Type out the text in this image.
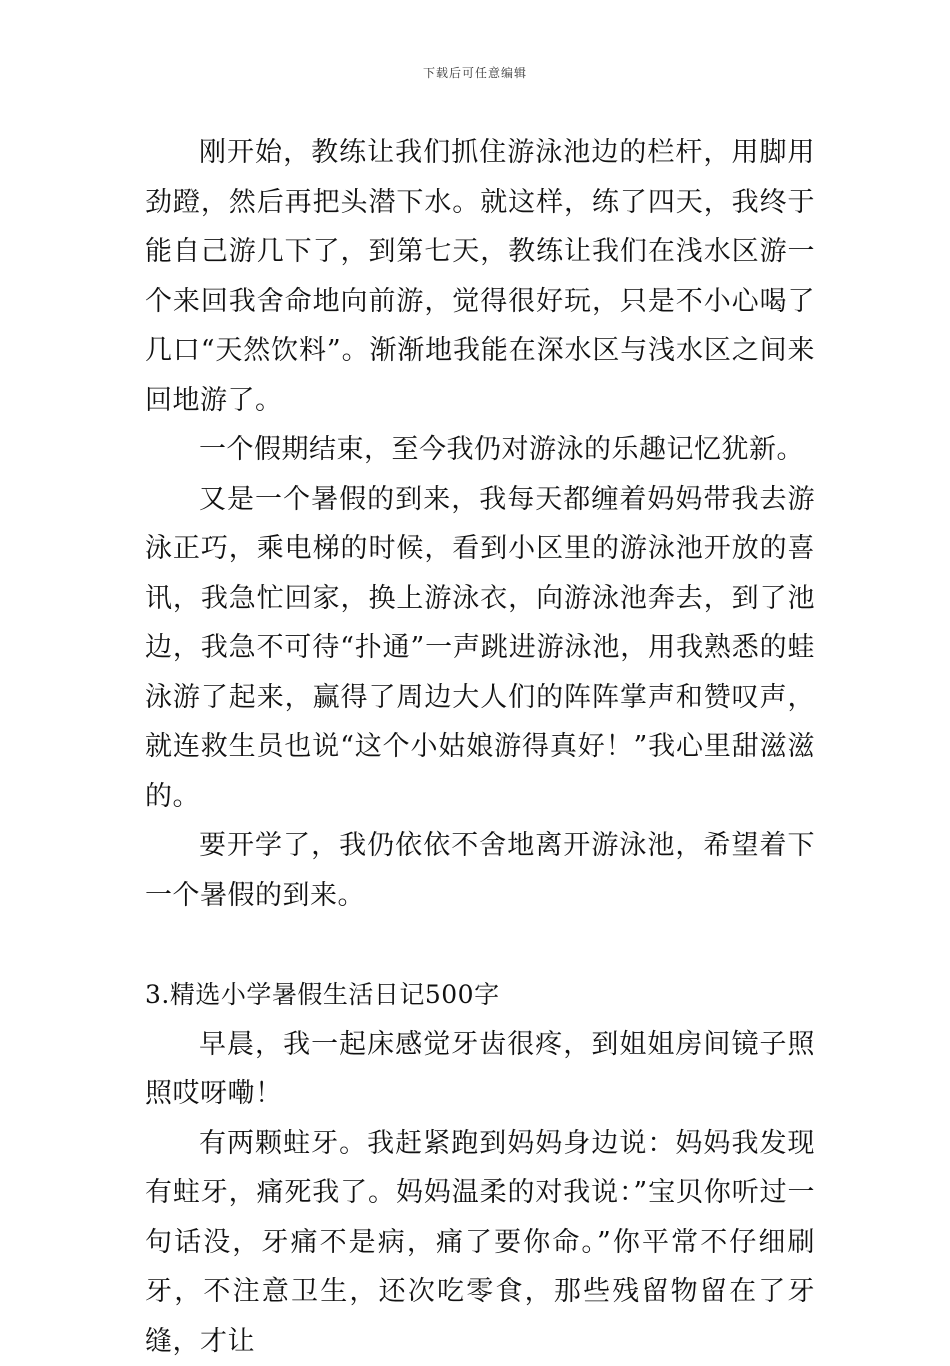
下载后可任意编辑

刚开始，教练让我们抓住游泳池边的栏杆，用脚用劲蹬，然后再把头潜下水。就这样，练了四天，我终于能自己游几下了，到第七天，教练让我们在浅水区游一个来回我舍命地向前游，觉得很好玩，只是不小心喝了几口“天然饮料”。渐渐地我能在深水区与浅水区之间来回地游了。

一个假期结束，至今我仍对游泳的乐趣记忆犹新。

又是一个暑假的到来，我每天都缠着妈妈带我去游泳正巧，乘电梯的时候，看到小区里的游泳池开放的喜讯，我急忙回家，换上游泳衣，向游泳池奔去，到了池边，我急不可待“扑通”一声跳进游泳池，用我熟悉的蛙泳游了起来，赢得了周边大人们的阵阵掌声和赞叹声，就连救生员也说“这个小姑娘游得真好！”我心里甜滋滋的。

要开学了，我仍依依不舍地离开游泳池，希望着下一个暑假的到来。

3.精选小学暑假生活日记500字

早晨，我一起床感觉牙齿很疼，到姐姐房间镜子照照哎呀嘞！

有两颗蛀牙。我赶紧跑到妈妈身边说：妈妈我发现有蛀牙，痛死我了。妈妈温柔的对我说：”宝贝你听过一句话没，牙痛不是病，痛了要你命。”你平常不仔细刷牙，不注意卫生，还次吃零食，那些残留物留在了牙缝，才让
